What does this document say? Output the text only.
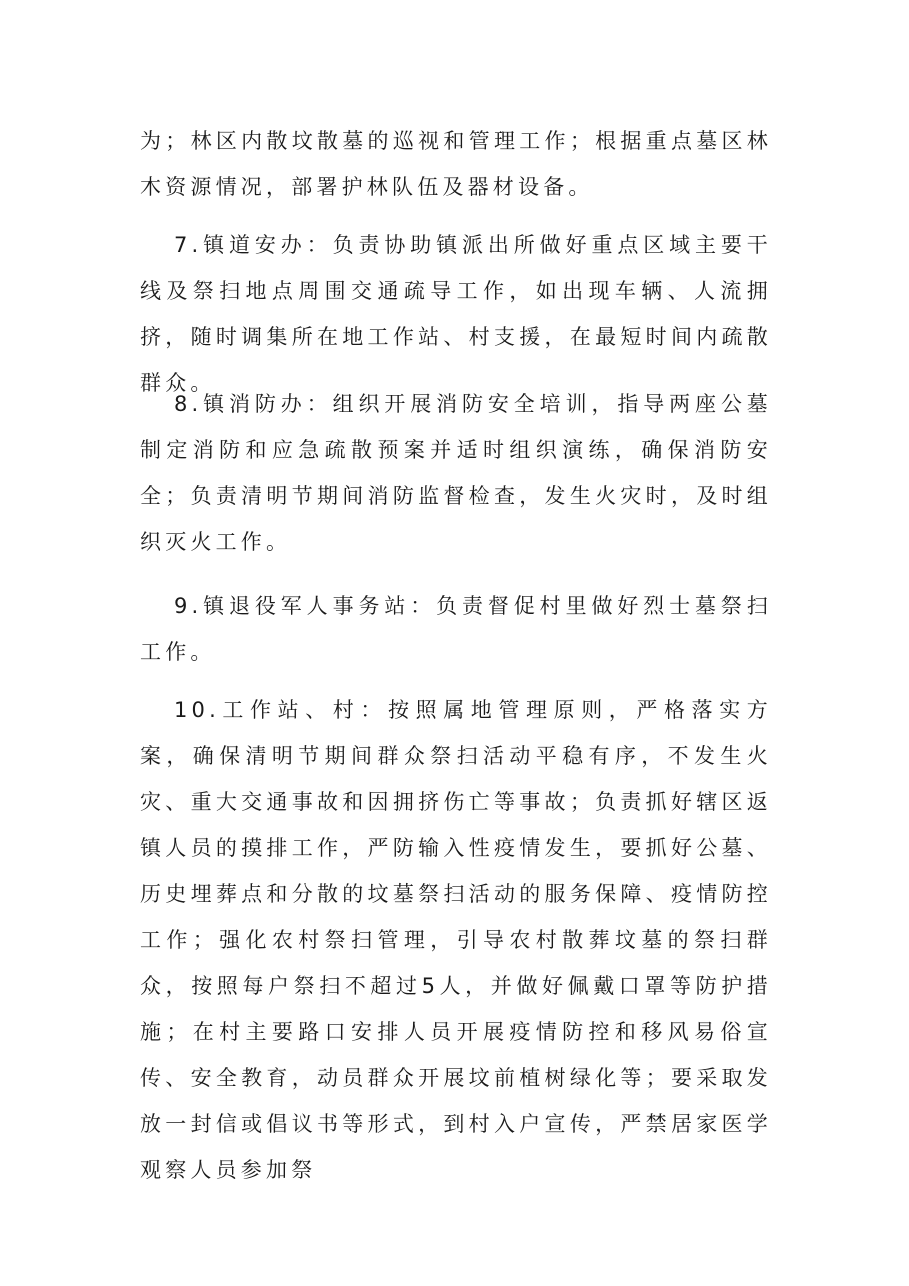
为；林区内散坟散墓的巡视和管理工作；根据重点墓区林木资源情况，部署护林队伍及器材设备。

7.镇道安办：负责协助镇派出所做好重点区域主要干线及祭扫地点周围交通疏导工作，如出现车辆、人流拥挤，随时调集所在地工作站、村支援，在最短时间内疏散群众。

8.镇消防办：组织开展消防安全培训，指导两座公墓制定消防和应急疏散预案并适时组织演练，确保消防安全；负责清明节期间消防监督检查，发生火灾时，及时组织灭火工作。

9.镇退役军人事务站：负责督促村里做好烈士墓祭扫工作。

10.工作站、村：按照属地管理原则，严格落实方案，确保清明节期间群众祭扫活动平稳有序，不发生火灾、重大交通事故和因拥挤伤亡等事故；负责抓好辖区返镇人员的摸排工作，严防输入性疫情发生，要抓好公墓、历史埋葬点和分散的坟墓祭扫活动的服务保障、疫情防控工作；强化农村祭扫管理，引导农村散葬坟墓的祭扫群众，按照每户祭扫不超过5人，并做好佩戴口罩等防护措施；在村主要路口安排人员开展疫情防控和移风易俗宣传、安全教育，动员群众开展坟前植树绿化等；要采取发放一封信或倡议书等形式，到村入户宣传，严禁居家医学观察人员参加祭
